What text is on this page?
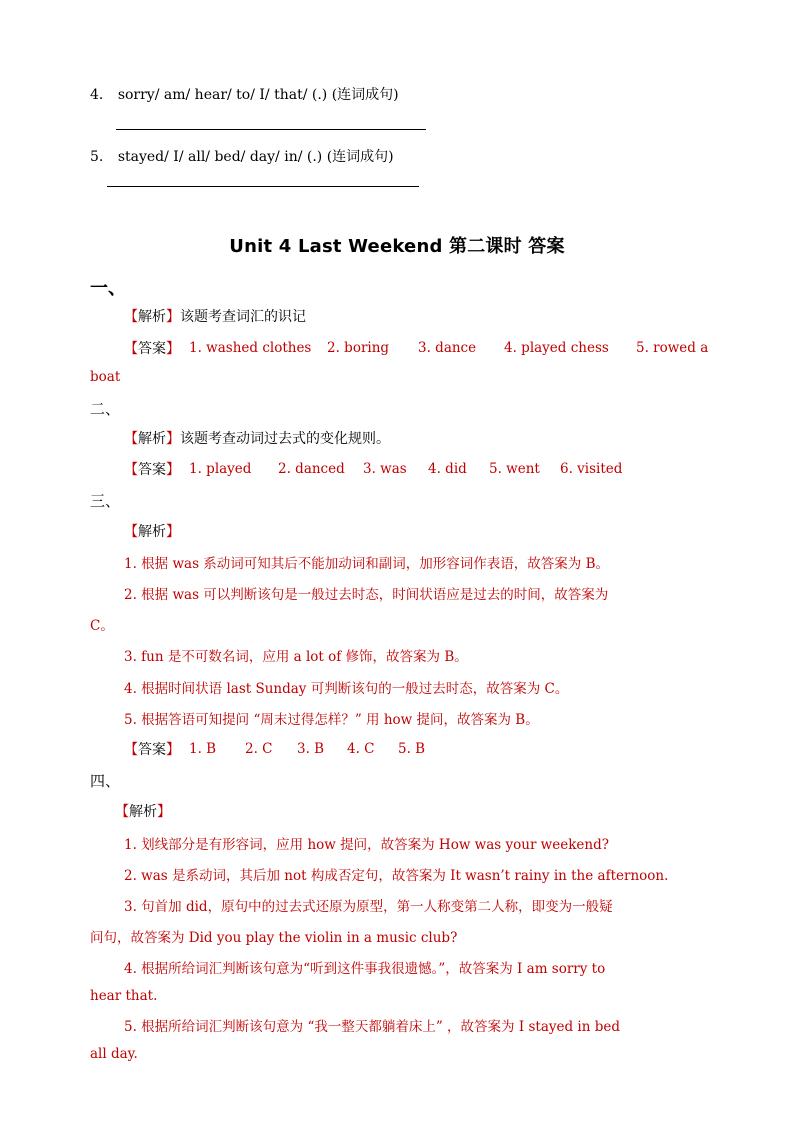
4. sorry/ am/ hear/ to/ I/ that/ (.) (连词成句)
5. stayed/ I/ all/ bed/ day/ in/ (.) (连词成句)
Unit 4 Last Weekend 第二课时 答案
一、
【解析】该题考查词汇的识记
【答案】 1. washed clothes 2. boring 3. dance 4. played chess 5. rowed a
boat
二、
【解析】该题考查动词过去式的变化规则。
【答案】 1. played 2. danced 3. was 4. did 5. went 6. visited
三、
【解析】
1. 根据 was 系动词可知其后不能加动词和副词，加形容词作表语，故答案为 B。
2. 根据 was 可以判断该句是一般过去时态，时间状语应是过去的时间，故答案为
C。
3. fun 是不可数名词，应用 a lot of 修饰，故答案为 B。
4. 根据时间状语 last Sunday 可判断该句的一般过去时态，故答案为 C。
5. 根据答语可知提问 “周末过得怎样？” 用 how 提问，故答案为 B。
【答案】 1. B 2. C 3. B 4. C 5. B
四、
【解析】
1. 划线部分是有形容词，应用 how 提问，故答案为 How was your weekend?
2. was 是系动词，其后加 not 构成否定句，故答案为 It wasn’t rainy in the afternoon.
3. 句首加 did，原句中的过去式还原为原型，第一人称变第二人称，即变为一般疑
问句，故答案为 Did you play the violin in a music club?
4. 根据所给词汇判断该句意为“听到这件事我很遗憾。”，故答案为 I am sorry to
hear that.
5. 根据所给词汇判断该句意为 “我一整天都躺着床上” ，故答案为 I stayed in bed
all day.
